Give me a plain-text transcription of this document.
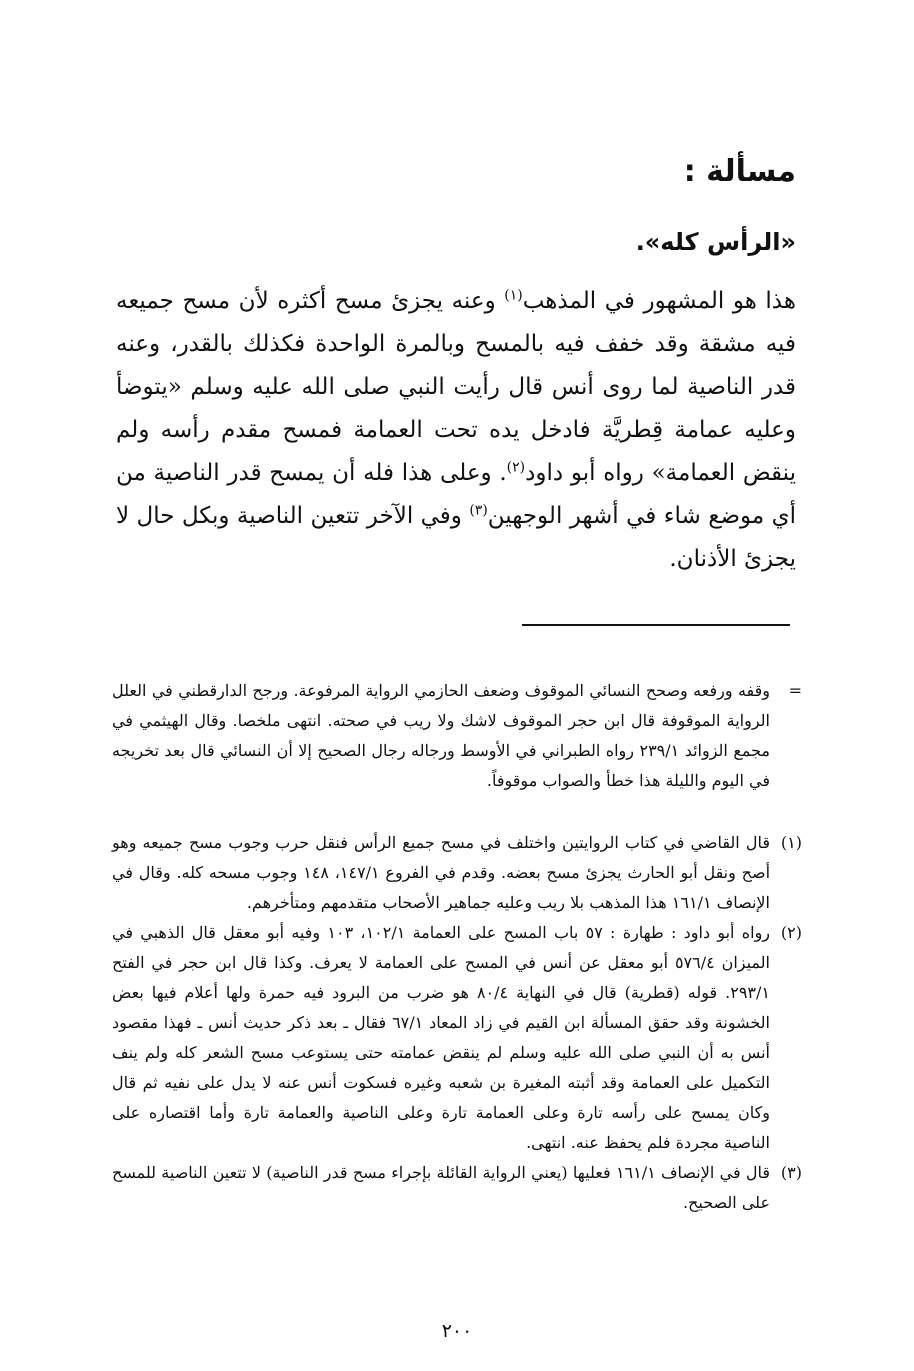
مسألة :
«الرأس كله».
هذا هو المشهور في المذهب$^{(١)}$ وعنه يجزئ مسح أكثره لأن مسح جميعه فيه مشقة وقد خفف فيه بالمسح وبالمرة الواحدة فكذلك بالقدر، وعنه قدر الناصية لما روى أنس قال رأيت النبي صلى الله عليه وسلم «يتوضأ وعليه عمامة قِطريَّة فادخل يده تحت العمامة فمسح مقدم رأسه ولم ينقض العمامة» رواه أبو داود$^{(٢)}$. وعلى هذا فله أن يمسح قدر الناصية من أي موضع شاء في أشهر الوجهين$^{(٣)}$ وفي الآخر تتعين الناصية وبكل حال لا يجزئ الأذنان.
=
وقفه ورفعه وصحح النسائي الموقوف وضعف الحازمي الرواية المرفوعة. ورجح الدارقطني في العلل الرواية الموقوفة قال ابن حجر الموقوف لاشك ولا ريب في صحته. انتهى ملخصا. وقال الهيثمي في مجمع الزوائد ٢٣٩/١ رواه الطبراني في الأوسط ورجاله رجال الصحيح إلا أن النسائي قال بعد تخريجه في اليوم والليلة هذا خطأ والصواب موقوفاً.
(١)
قال القاضي في كتاب الروايتين واختلف في مسح جميع الرأس فنقل حرب وجوب مسح جميعه وهو أصح ونقل أبو الحارث يجزئ مسح بعضه. وقدم في الفروع ١٤٧/١، ١٤٨ وجوب مسحه كله. وقال في الإنصاف ١٦١/١ هذا المذهب بلا ريب وعليه جماهير الأصحاب متقدمهم ومتأخرهم.
(٢)
رواه أبو داود : طهارة : ٥٧ باب المسح على العمامة ١٠٢/١، ١٠٣ وفيه أبو معقل قال الذهبي في الميزان ٥٧٦/٤ أبو معقل عن أنس في المسح على العمامة لا يعرف. وكذا قال ابن حجر في الفتح ٢٩٣/١. قوله (قطرية) قال في النهاية ٨٠/٤ هو ضرب من البرود فيه حمرة ولها أعلام فيها بعض الخشونة وقد حقق المسألة ابن القيم في زاد المعاد ٦٧/١ فقال ـ بعد ذكر حديث أنس ـ فهذا مقصود أنس به أن النبي صلى الله عليه وسلم لم ينقض عمامته حتى يستوعب مسح الشعر كله ولم ينف التكميل على العمامة وقد أثبته المغيرة بن شعبه وغيره فسكوت أنس عنه لا يدل على نفيه ثم قال وكان يمسح على رأسه تارة وعلى العمامة تارة وعلى الناصية والعمامة تارة وأما اقتصاره على الناصية مجردة فلم يحفظ عنه. انتهى.
(٣)
قال في الإنصاف ١٦١/١ فعليها (يعني الرواية القائلة بإجراء مسح قدر الناصية) لا تتعين الناصية للمسح على الصحيح.
٢٠٠
